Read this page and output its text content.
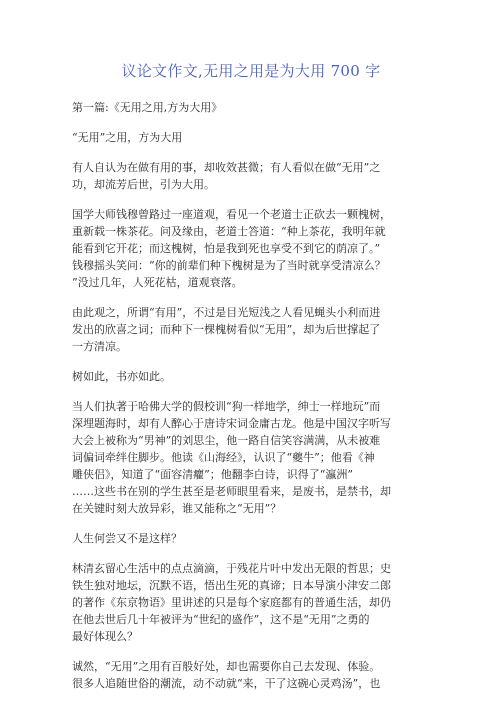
议论文作文,无用之用是为大用 700 字
第一篇:《无用之用,方为大用》
“无用”之用，方为大用
有人自认为在做有用的事，却收效甚微；有人看似在做“无用”之
功，却流芳后世，引为大用。
国学大师钱穆曾路过一座道观，看见一个老道士正砍去一颗槐树，
重新载一株茶花。问及缘由，老道士答道：“种上茶花，我明年就
能看到它开花；而这槐树，怕是我到死也享受不到它的荫凉了。”
钱穆摇头笑问：“你的前辈们种下槐树是为了当时就享受清凉么？
”没过几年，人死花枯，道观衰落。
由此观之，所谓“有用”，不过是目光短浅之人看见蝇头小利而进
发出的欣喜之词；而种下一棵槐树看似“无用”，却为后世撑起了
一方清凉。
树如此，书亦如此。
当人们执著于哈佛大学的假校训“狗一样地学，绅士一样地玩”而
深埋题海时，却有人醉心于唐诗宋词金庸古龙。他是中国汉字听写
大会上被称为“男神”的刘思尘，他一路自信笑容满满，从未被难
词偏词牵绊住脚步。他读《山海经》，认识了“夔牛”；他看《神
雕侠侣》，知道了“面容清癯”；他翻李白诗，识得了“瀛洲”
……这些书在别的学生甚至是老师眼里看来，是废书，是禁书，却
在关键时刻大放异彩，谁又能称之“无用”？
人生何尝又不是这样？
林清玄留心生活中的点点滴滴，于残花片叶中发出无限的哲思；史
铁生独对地坛，沉默不语，悟出生死的真谛；日本导演小津安二郎
的著作《东京物语》里讲述的只是每个家庭都有的普通生活，却仍
在他去世后几十年被评为“世纪的盛作”，这不是“无用”之勇的
最好体现么？
诚然，“无用”之用有百般好处，却也需要你自己去发现、体验。
很多人追随世俗的潮流，动不动就“来，干了这碗心灵鸡汤”，也
